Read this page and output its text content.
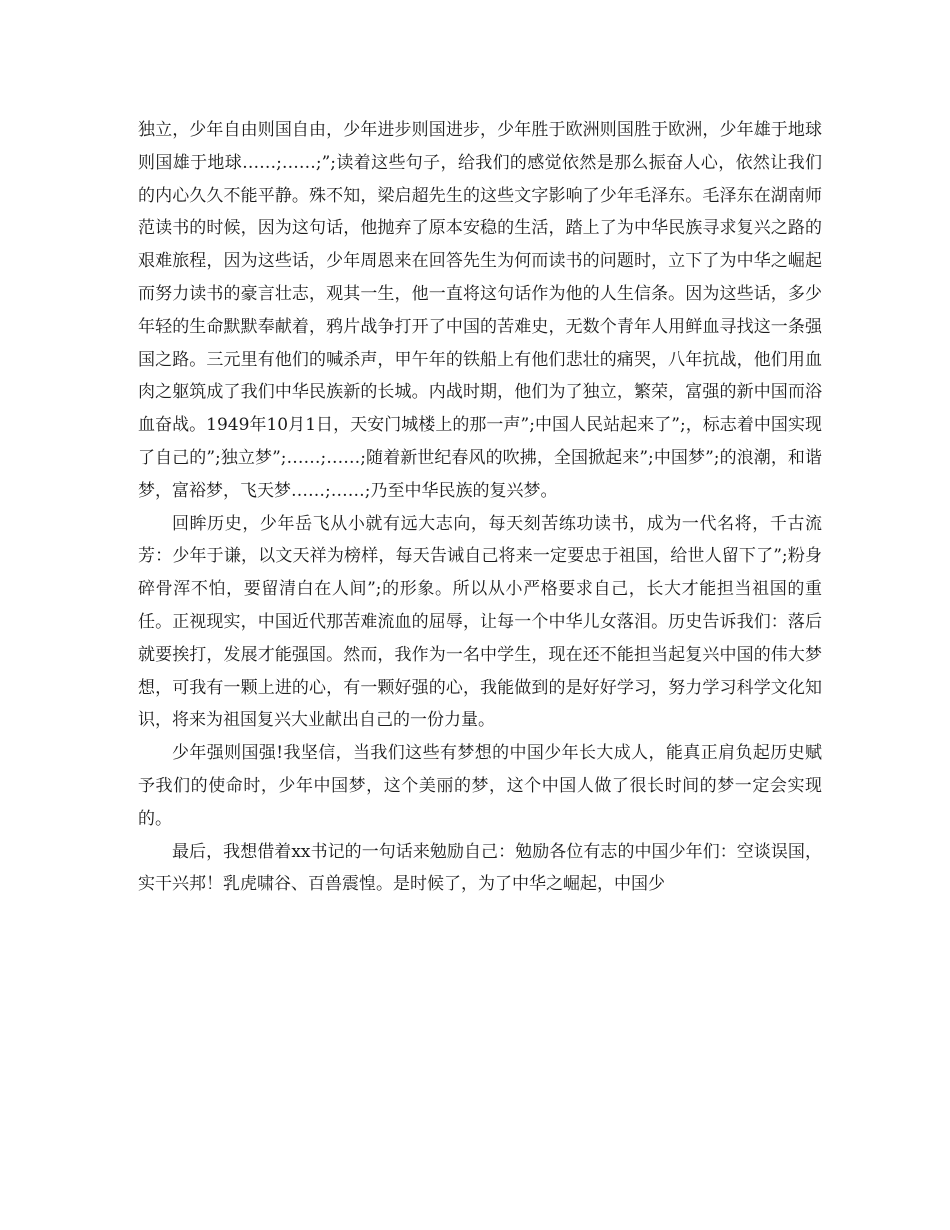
独立，少年自由则国自由，少年进步则国进步，少年胜于欧洲则国胜于欧洲，少年雄于地球则国雄于地球……;……;”;读着这些句子，给我们的感觉依然是那么振奋人心，依然让我们的内心久久不能平静。殊不知，梁启超先生的这些文字影响了少年毛泽东。毛泽东在湖南师范读书的时候，因为这句话，他抛弃了原本安稳的生活，踏上了为中华民族寻求复兴之路的艰难旅程，因为这些话，少年周恩来在回答先生为何而读书的问题时，立下了为中华之崛起而努力读书的豪言壮志，观其一生，他一直将这句话作为他的人生信条。因为这些话，多少年轻的生命默默奉献着，鸦片战争打开了中国的苦难史，无数个青年人用鲜血寻找这一条强国之路。三元里有他们的喊杀声，甲午年的铁船上有他们悲壮的痛哭，八年抗战，他们用血肉之躯筑成了我们中华民族新的长城。内战时期，他们为了独立，繁荣，富强的新中国而浴血奋战。1949年10月1日，天安门城楼上的那一声”;中国人民站起来了”;，标志着中国实现了自己的”;独立梦”;……;……;随着新世纪春风的吹拂，全国掀起来”;中国梦”;的浪潮，和谐梦，富裕梦，飞天梦……;……;乃至中华民族的复兴梦。

回眸历史，少年岳飞从小就有远大志向，每天刻苦练功读书，成为一代名将，千古流芳：少年于谦，以文天祥为榜样，每天告诫自己将来一定要忠于祖国，给世人留下了”;粉身碎骨浑不怕，要留清白在人间”;的形象。所以从小严格要求自己，长大才能担当祖国的重任。正视现实，中国近代那苦难流血的屈辱，让每一个中华儿女落泪。历史告诉我们：落后就要挨打，发展才能强国。然而，我作为一名中学生，现在还不能担当起复兴中国的伟大梦想，可我有一颗上进的心，有一颗好强的心，我能做到的是好好学习，努力学习科学文化知识，将来为祖国复兴大业献出自己的一份力量。

少年强则国强!我坚信，当我们这些有梦想的中国少年长大成人，能真正肩负起历史赋予我们的使命时，少年中国梦，这个美丽的梦，这个中国人做了很长时间的梦一定会实现的。

最后，我想借着xx书记的一句话来勉励自己：勉励各位有志的中国少年们：空谈误国，实干兴邦！乳虎啸谷、百兽震惶。是时候了，为了中华之崛起，中国少
